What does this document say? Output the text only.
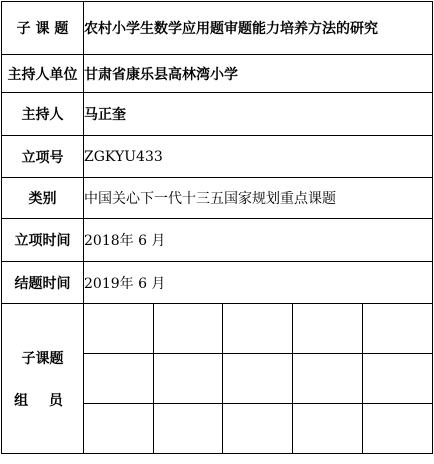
子 课 题	农村小学生数学应用题审题能力培养方法的研究				
主持人单位	甘肃省康乐县高林湾小学				
主持人	马正奎				
立项号	ZGKYU433				
类别	中国关心下一代十三五国家规划重点课题				
立项时间	2018年 6 月				
结题时间	2019年 6 月				

子课题
组 员					
